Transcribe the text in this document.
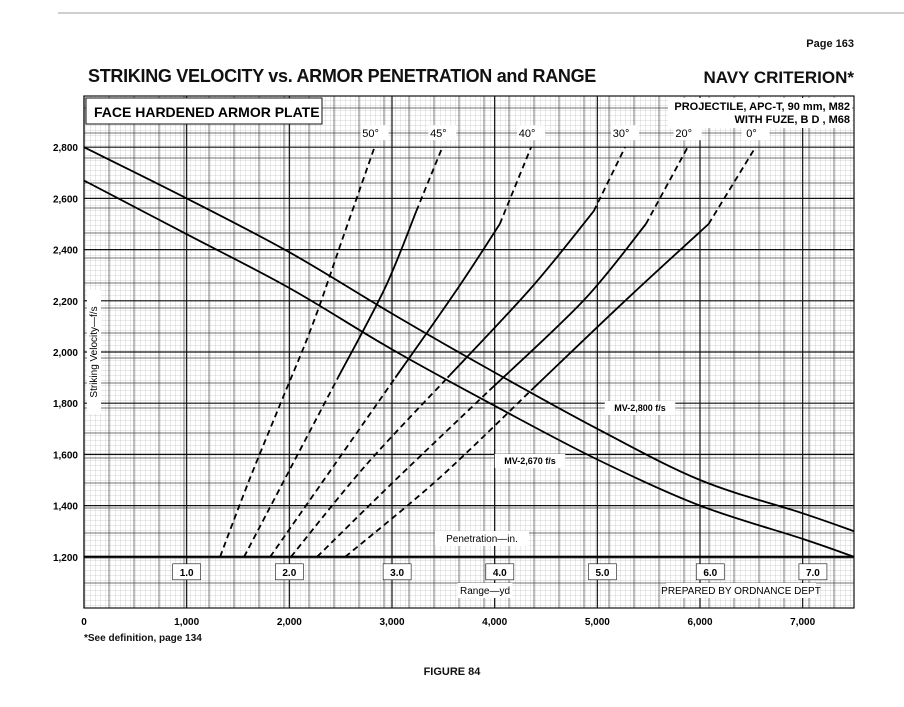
Page 163
STRIKING VELOCITY vs. ARMOR PENETRATION and RANGE	NAVY CRITERION*
1,200
1,400
1,600
1,800
2,000
2,200
2,400
2,600
2,800
0	1,000	2,000	3,000	4,000	5,000	6,000	7,000
50°	45°	40°	30°	20°	0°
1.0	2.0	3.0	4.0	5.0	6.0	7.0
MV-2,800 f/s
MV-2,670 f/s
Penetration—in.
Range—yd	PREPARED BY ORDNANCE DEPT
FACE HARDENED ARMOR PLATE	PROJECTILE, APC-T, 90 mm, M82
WITH FUZE, B D , M68
Striking Velocity—f/s
*See definition, page 134
FIGURE 84
